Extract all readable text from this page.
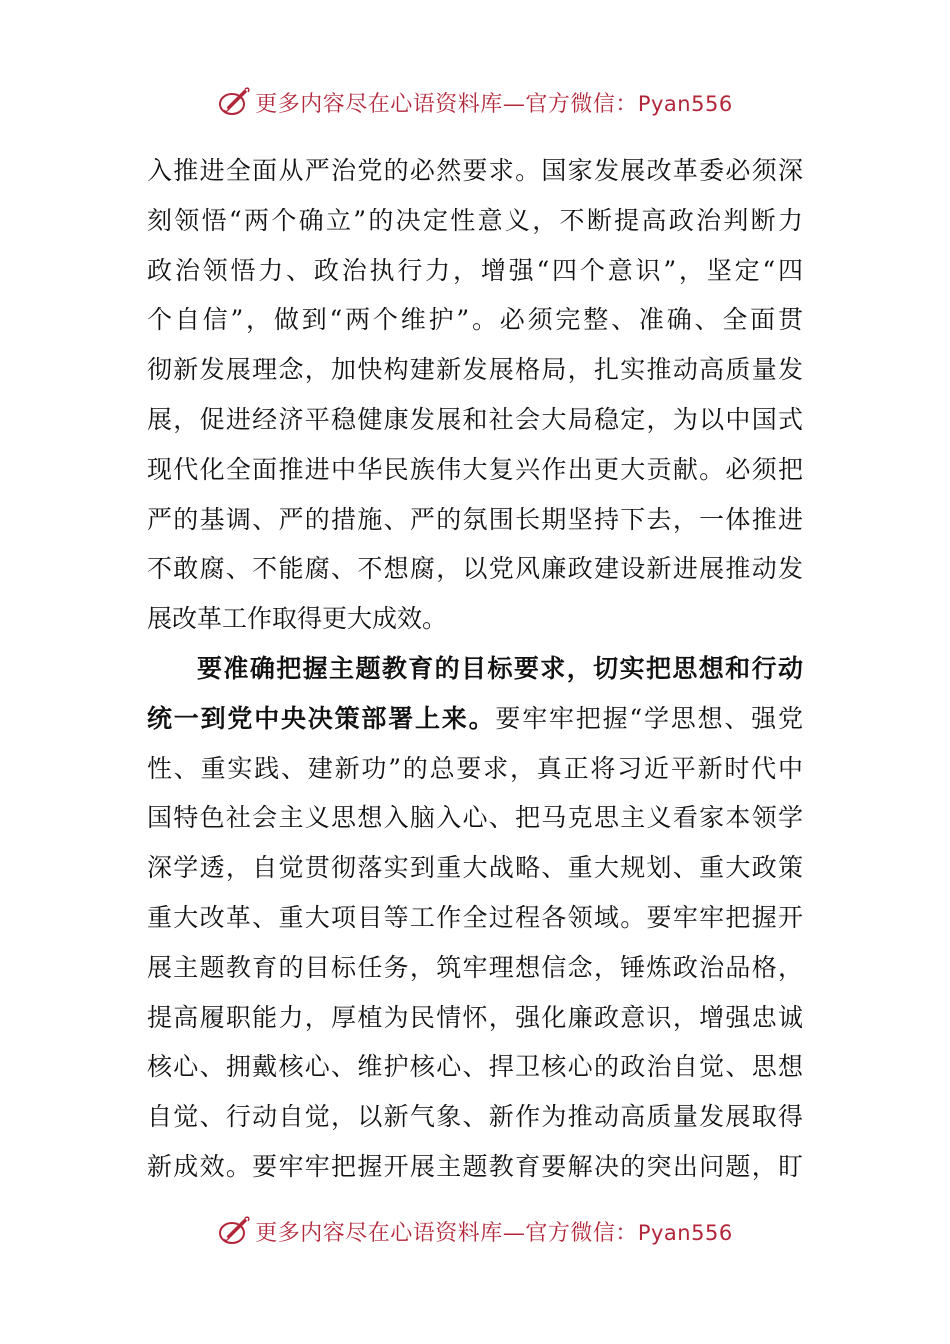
更多内容尽在心语资料库—官方微信：Pyan556
入推进全面从严治党的必然要求。国家发展改革委必须深
刻领悟“两个确立”的决定性意义，不断提高政治判断力
政治领悟力、政治执行力，增强“四个意识”，坚定“四
个自信”，做到“两个维护”。必须完整、准确、全面贯
彻新发展理念，加快构建新发展格局，扎实推动高质量发
展，促进经济平稳健康发展和社会大局稳定，为以中国式
现代化全面推进中华民族伟大复兴作出更大贡献。必须把
严的基调、严的措施、严的氛围长期坚持下去，一体推进
不敢腐、不能腐、不想腐，以党风廉政建设新进展推动发
展改革工作取得更大成效。
要准确把握主题教育的目标要求，切实把思想和行动
统一到党中央决策部署上来。要牢牢把握“学思想、强党
性、重实践、建新功”的总要求，真正将习近平新时代中
国特色社会主义思想入脑入心、把马克思主义看家本领学
深学透，自觉贯彻落实到重大战略、重大规划、重大政策
重大改革、重大项目等工作全过程各领域。要牢牢把握开
展主题教育的目标任务，筑牢理想信念，锤炼政治品格，
提高履职能力，厚植为民情怀，强化廉政意识，增强忠诚
核心、拥戴核心、维护核心、捍卫核心的政治自觉、思想
自觉、行动自觉，以新气象、新作为推动高质量发展取得
新成效。要牢牢把握开展主题教育要解决的突出问题，盯
更多内容尽在心语资料库—官方微信：Pyan556
